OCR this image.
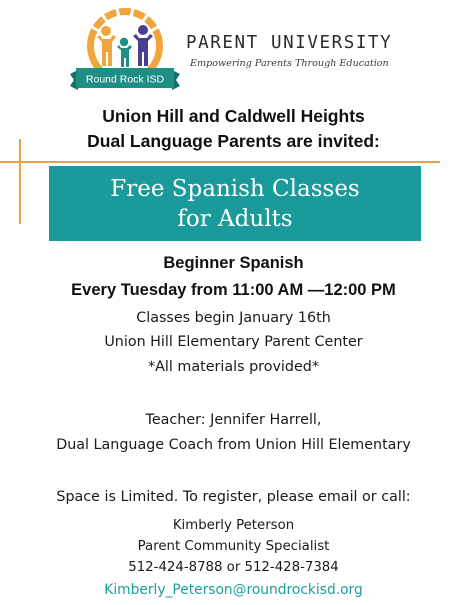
Round Rock ISD
PARENT UNIVERSITY
Empowering Parents Through Education
Union Hill and Caldwell Heights
Dual Language Parents are invited:
Free Spanish Classes
for Adults
Beginner Spanish
Every Tuesday from 11:00 AM —12:00 PM
Classes begin January 16th
Union Hill Elementary Parent Center
*All materials provided*
Teacher: Jennifer Harrell,
Dual Language Coach from Union Hill Elementary
Space is Limited. To register, please email or call:
Kimberly Peterson
Parent Community Specialist
512-424-8788 or 512-428-7384
Kimberly_Peterson@roundrockisd.org
